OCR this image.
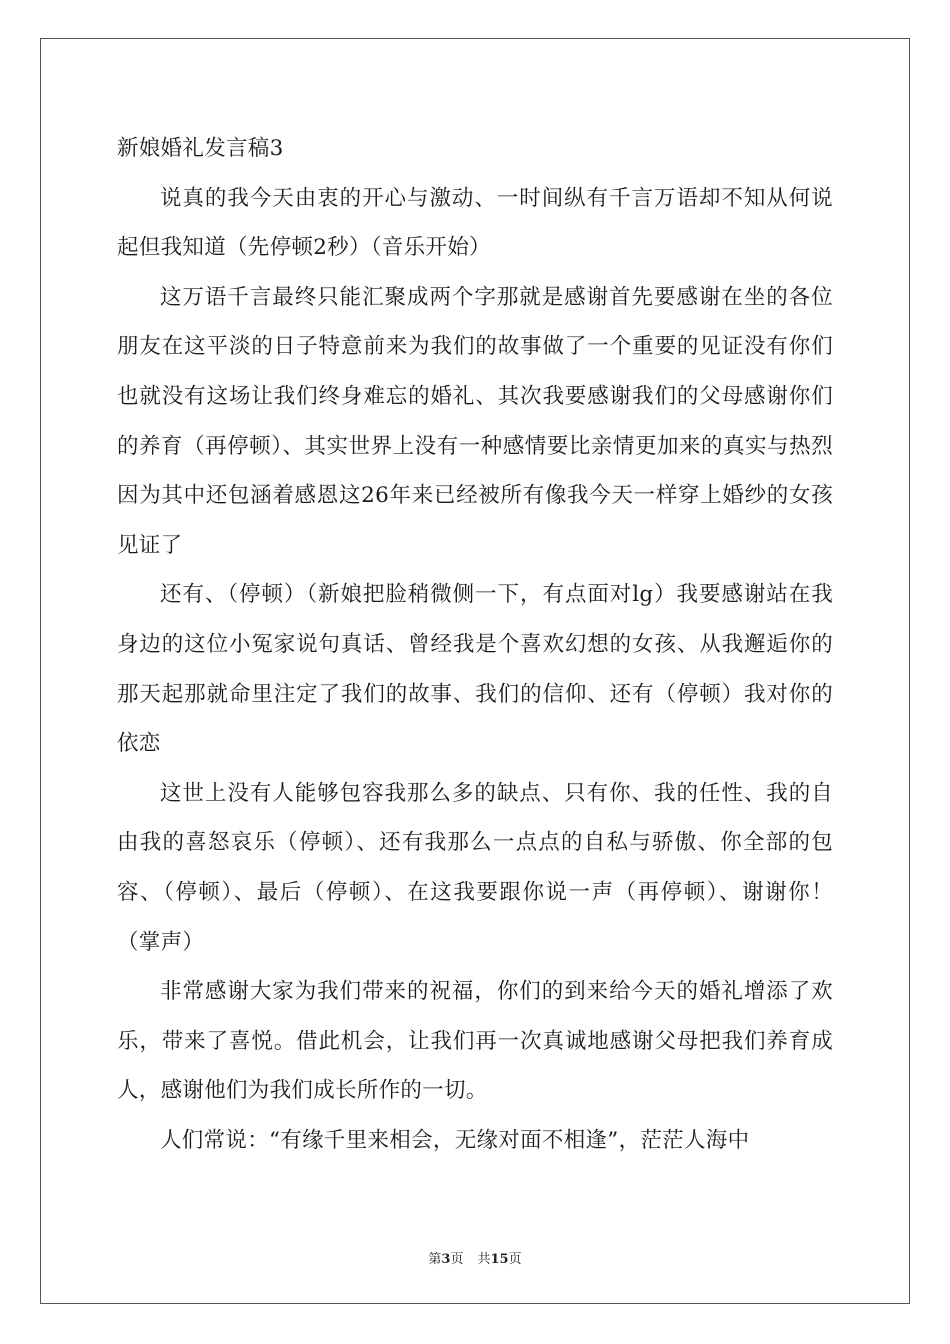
新娘婚礼发言稿3

说真的我今天由衷的开心与激动、一时间纵有千言万语却不知从何说起但我知道（先停顿2秒）（音乐开始）

这万语千言最终只能汇聚成两个字那就是感谢首先要感谢在坐的各位朋友在这平淡的日子特意前来为我们的故事做了一个重要的见证没有你们也就没有这场让我们终身难忘的婚礼、其次我要感谢我们的父母感谢你们的养育（再停顿）、其实世界上没有一种感情要比亲情更加来的真实与热烈因为其中还包涵着感恩这26年来已经被所有像我今天一样穿上婚纱的女孩见证了

还有、（停顿）（新娘把脸稍微侧一下，有点面对lg）我要感谢站在我身边的这位小冤家说句真话、曾经我是个喜欢幻想的女孩、从我邂逅你的那天起那就命里注定了我们的故事、我们的信仰、还有（停顿）我对你的依恋

这世上没有人能够包容我那么多的缺点、只有你、我的任性、我的自由我的喜怒哀乐（停顿）、还有我那么一点点的自私与骄傲、你全部的包容、（停顿）、最后（停顿）、在这我要跟你说一声（再停顿）、谢谢你！（掌声）

非常感谢大家为我们带来的祝福，你们的到来给今天的婚礼增添了欢乐，带来了喜悦。借此机会，让我们再一次真诚地感谢父母把我们养育成人，感谢他们为我们成长所作的一切。

人们常说：“有缘千里来相会，无缘对面不相逢”，茫茫人海中

第3页 共15页
